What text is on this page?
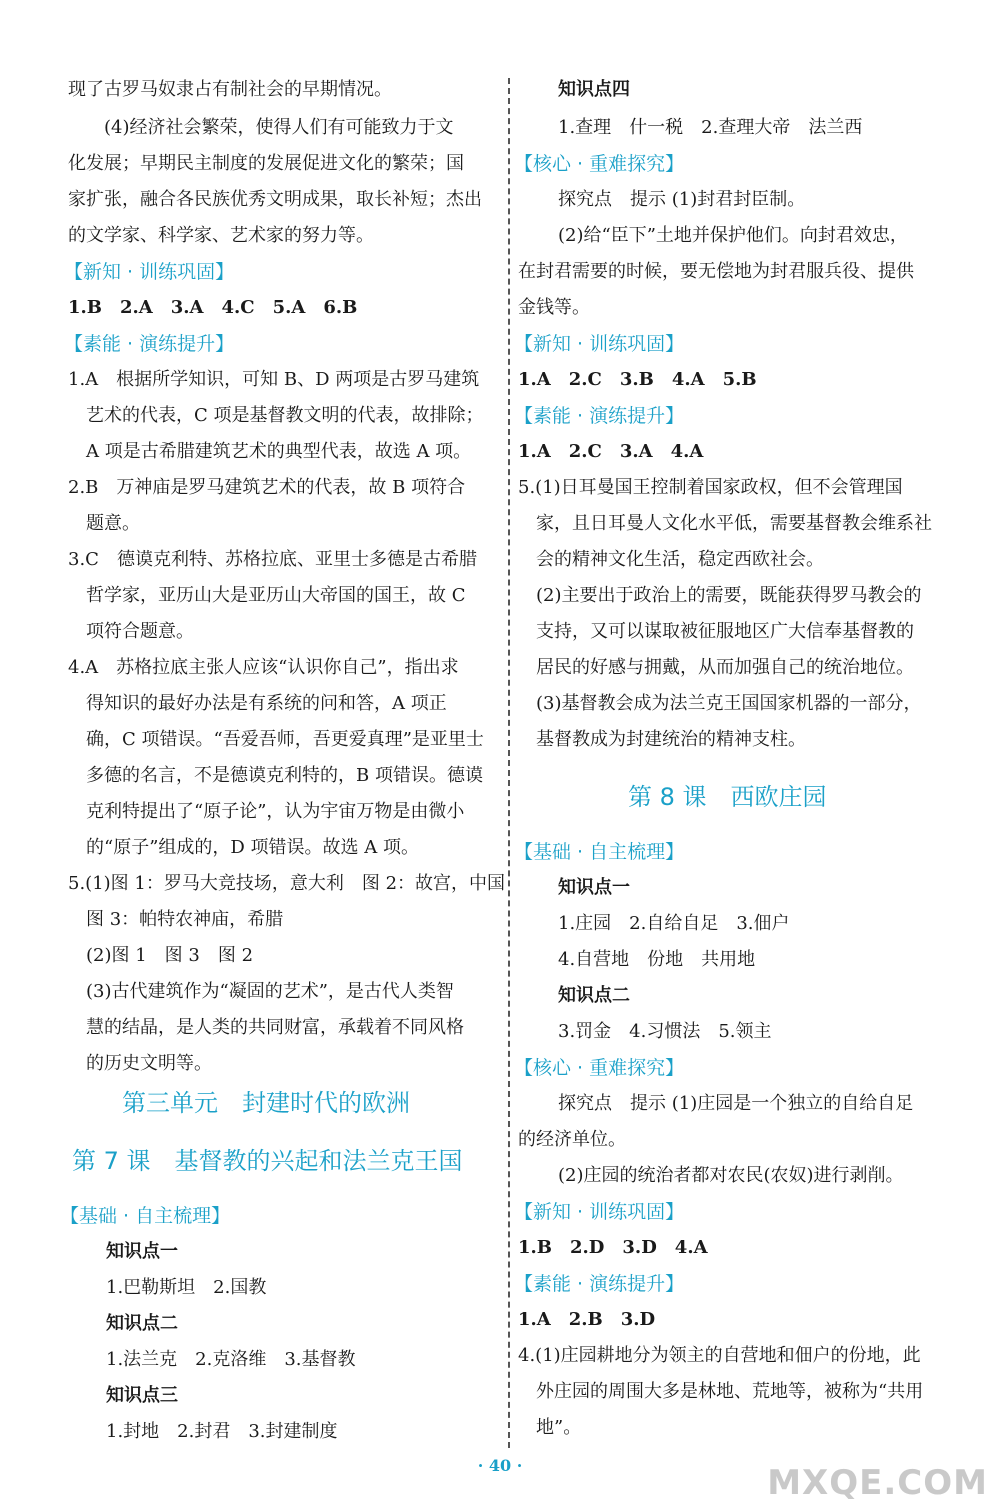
现了古罗马奴隶占有制社会的早期情况。
(4)经济社会繁荣，使得人们有可能致力于文
化发展；早期民主制度的发展促进文化的繁荣；国
家扩张，融合各民族优秀文明成果，取长补短；杰出
的文学家、科学家、艺术家的努力等。
【新知 · 训练巩固】
1.B　2.A　3.A　4.C　5.A　6.B
【素能 · 演练提升】
1.A　根据所学知识，可知 B、D 两项是古罗马建筑
艺术的代表，C 项是基督教文明的代表，故排除；
A 项是古希腊建筑艺术的典型代表，故选 A 项。
2.B　万神庙是罗马建筑艺术的代表，故 B 项符合
题意。
3.C　德谟克利特、苏格拉底、亚里士多德是古希腊
哲学家，亚历山大是亚历山大帝国的国王，故 C
项符合题意。
4.A　苏格拉底主张人应该“认识你自己”，指出求
得知识的最好办法是有系统的问和答，A 项正
确，C 项错误。“吾爱吾师，吾更爱真理”是亚里士
多德的名言，不是德谟克利特的，B 项错误。德谟
克利特提出了“原子论”，认为宇宙万物是由微小
的“原子”组成的，D 项错误。故选 A 项。
5.(1)图 1：罗马大竞技场，意大利　图 2：故宫，中国
图 3：帕特农神庙，希腊
(2)图 1　图 3　图 2
(3)古代建筑作为“凝固的艺术”，是古代人类智
慧的结晶，是人类的共同财富，承载着不同风格
的历史文明等。
第三单元　封建时代的欧洲
第 7 课　基督教的兴起和法兰克王国
【基础 · 自主梳理】
知识点一
1.巴勒斯坦　2.国教
知识点二
1.法兰克　2.克洛维　3.基督教
知识点三
1.封地　2.封君　3.封建制度
知识点四
1.查理　什一税　2.查理大帝　法兰西
【核心 · 重难探究】
探究点　提示 (1)封君封臣制。
(2)给“臣下”土地并保护他们。向封君效忠，
在封君需要的时候，要无偿地为封君服兵役、提供
金钱等。
【新知 · 训练巩固】
1.A　2.C　3.B　4.A　5.B
【素能 · 演练提升】
1.A　2.C　3.A　4.A
5.(1)日耳曼国王控制着国家政权，但不会管理国
家，且日耳曼人文化水平低，需要基督教会维系社
会的精神文化生活，稳定西欧社会。
(2)主要出于政治上的需要，既能获得罗马教会的
支持，又可以谋取被征服地区广大信奉基督教的
居民的好感与拥戴，从而加强自己的统治地位。
(3)基督教会成为法兰克王国国家机器的一部分，
基督教成为封建统治的精神支柱。
第 8 课　西欧庄园
【基础 · 自主梳理】
知识点一
1.庄园　2.自给自足　3.佃户
4.自营地　份地　共用地
知识点二
3.罚金　4.习惯法　5.领主
【核心 · 重难探究】
探究点　提示 (1)庄园是一个独立的自给自足
的经济单位。
(2)庄园的统治者都对农民(农奴)进行剥削。
【新知 · 训练巩固】
1.B　2.D　3.D　4.A
【素能 · 演练提升】
1.A　2.B　3.D
4.(1)庄园耕地分为领主的自营地和佃户的份地，此
外庄园的周围大多是林地、荒地等，被称为“共用
地”。
· 40 ·	MXQE.COM
